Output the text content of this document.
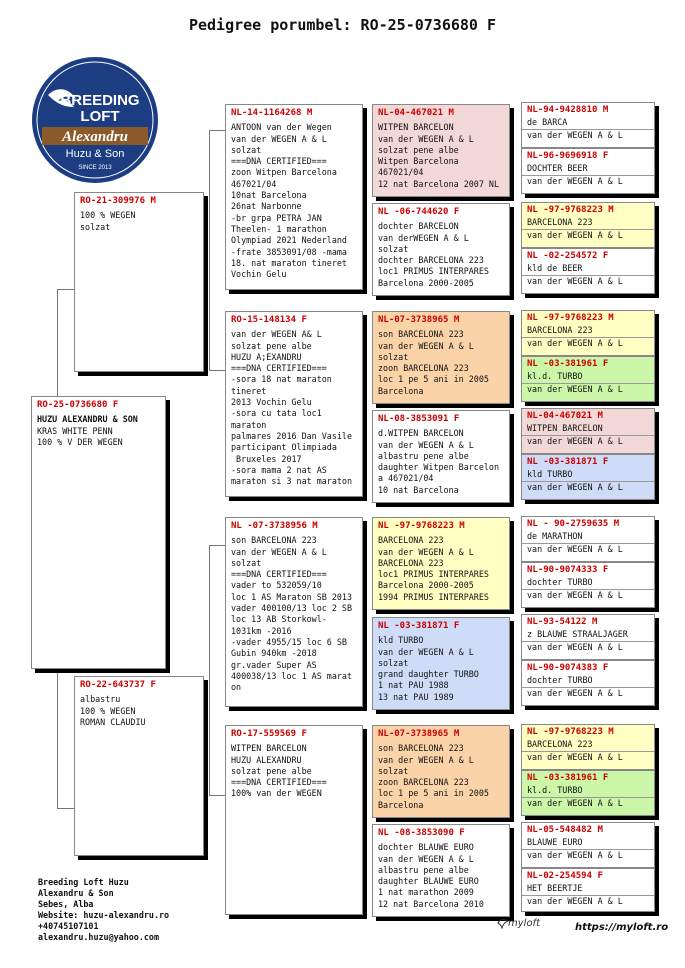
Pedigree porumbel: RO-25-0736680 F
BREEDING
LOFT
Alexandru
Huzu & Son
SINCE 2013
RO-25-0736680 F
HUZU ALEXANDRU & SON
KRAS WHITE PENN
100 % V DER WEGEN
RO-21-309976 M
100 % WEGEN
solzat
RO-22-643737 F
albastru
100 % WEGEN
ROMAN CLAUDIU
NL-14-1164268 M
ANTOON van der Wegen
van der WEGEN A & L
solzat
===DNA CERTIFIED===
zoon Witpen Barcelona
467021/04
10nat Barcelona
26nat Narbonne
-br grpa PETRA JAN
Theelen- 1 marathon
Olympiad 2021 Nederland
-frate 3853091/08 -mama
18. nat maraton tineret
Vochin Gelu
RO-15-148134 F
van der WEGEN A& L
solzat pene albe
HUZU A;EXANDRU
===DNA CERTIFIED===
-sora 18 nat maraton
tineret
2013 Vochin Gelu
-sora cu tata loc1
maraton
palmares 2016 Dan Vasile
participant Olimpiada
Bruxeles 2017
-sora mama 2 nat AS
maraton si 3 nat maraton
NL -07-3738956 M
son BARCELONA 223
van der WEGEN A & L
solzat
===DNA CERTIFIED===
vader to 532059/10
loc 1 AS Maraton SB 2013
vader 400100/13 loc 2 SB
loc 13 AB Storkowl-
1031km -2016
-vader 4955/15 loc 6 SB
Gubin 940km -2018
gr.vader Super AS
400038/13 loc 1 AS marat
on
RO-17-559569 F
WITPEN BARCELON
HUZU ALEXANDRU
solzat pene albe
===DNA CERTIFIED===
100% van der WEGEN
NL-04-467021 M
WITPEN BARCELON
van der WEGEN A & L
solzat pene albe
Witpen Barcelona
467021/04
12 nat Barcelona 2007 NL
NL -06-744620 F
dochter BARCELON
van derWEGEN A & L
solzat
dochter BARCELONA 223
loc1 PRIMUS INTERPARES
Barcelona 2000-2005
NL-07-3738965 M
son BARCELONA 223
van der WEGEN A & L
solzat
zoon BARCELONA 223
loc 1 pe 5 ani in 2005
Barcelona
NL-08-3853091 F
d.WITPEN BARCELON
van der WEGEN A & L
albastru pene albe
daughter Witpen Barcelon
a 467021/04
10 nat Barcelona
NL -97-9768223 M
BARCELONA 223
van der WEGEN A & L
BARCELONA 223
loc1 PRIMUS INTERPARES
Barcelona 2000-2005
1994 PRIMUS INTERPARES
NL -03-381871 F
kld TURBO
van der WEGEN A & L
solzat
grand daughter TURBO
1 nat PAU 1988
13 nat PAU 1989
NL-07-3738965 M
son BARCELONA 223
van der WEGEN A & L
solzat
zoon BARCELONA 223
loc 1 pe 5 ani in 2005
Barcelona
NL -08-3853090 F
dochter BLAUWE EURO
van der WEGEN A & L
albastru pene albe
daughter BLAUWE EURO
1 nat marathon 2009
12 nat Barcelona 2010
NL-94-9428810 M
de BARCA
van der WEGEN A & L
NL-96-9696918 F
DOCHTER BEER
van der WEGEN A & L
NL -97-9768223 M
BARCELONA 223
van der WEGEN A & L
NL -02-254572 F
kld de BEER
van der WEGEN A & L
NL -97-9768223 M
BARCELONA 223
van der WEGEN A & L
NL -03-381961 F
kl.d. TURBO
van der WEGEN A & L
NL-04-467021 M
WITPEN BARCELON
van der WEGEN A & L
NL -03-381871 F
kld TURBO
van der WEGEN A & L
NL - 90-2759635 M
de MARATHON
van der WEGEN A & L
NL-90-9074333 F
dochter TURBO
van der WEGEN A & L
NL-93-54122 M
z BLAUWE STRAALJAGER
van der WEGEN A & L
NL-90-9074383 F
dochter TURBO
van der WEGEN A & L
NL -97-9768223 M
BARCELONA 223
van der WEGEN A & L
NL -03-381961 F
kl.d. TURBO
van der WEGEN A & L
NL-05-548482 M
BLAUWE EURO
van der WEGEN A & L
NL-02-254594 F
HET BEERTJE
van der WEGEN A & L
Breeding Loft Huzu
Alexandru & Son
Sebes, Alba
Website: huzu-alexandru.ro
+40745107101
alexandru.huzu@yahoo.com
myloft	https://myloft.ro
